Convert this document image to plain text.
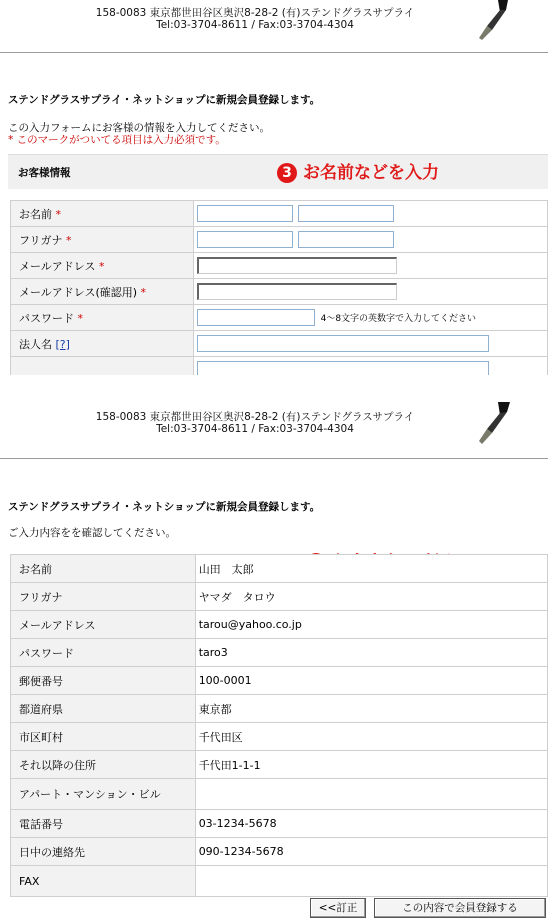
158-0083 東京都世田谷区奥沢8-28-2 (有)ステンドグラスサプライ
Tel:03-3704-8611 / Fax:03-3704-4304
ステンドグラスサプライ・ネットショップに新規会員登録します。
この入力フォームにお客様の情報を入力してください。
* このマークがついてる項目は入力必須です。
お客様情報	3 お名前などを入力
お名前 *	
フリガナ *	
メールアドレス *	
メールアドレス(確認用) *	
パスワード *	4～8文字の英数字で入力してください
法人名 [?]	

158-0083 東京都世田谷区奥沢8-28-2 (有)ステンドグラスサプライ
Tel:03-3704-8611 / Fax:03-3704-4304
ステンドグラスサプライ・ネットショップに新規会員登録します。
ご入力内容をを確認してください。
お名前	山田　太郎
フリガナ	ヤマダ　タロウ
メールアドレス	tarou@yahoo.co.jp
パスワード	taro3
郵便番号	100-0001
都道府県	東京都
市区町村	千代田区
それ以降の住所	千代田1-1-1
アパート・マンション・ビル	
電話番号	03-1234-5678
日中の連絡先	090-1234-5678
FAX	
<<訂正	この内容で会員登録する
